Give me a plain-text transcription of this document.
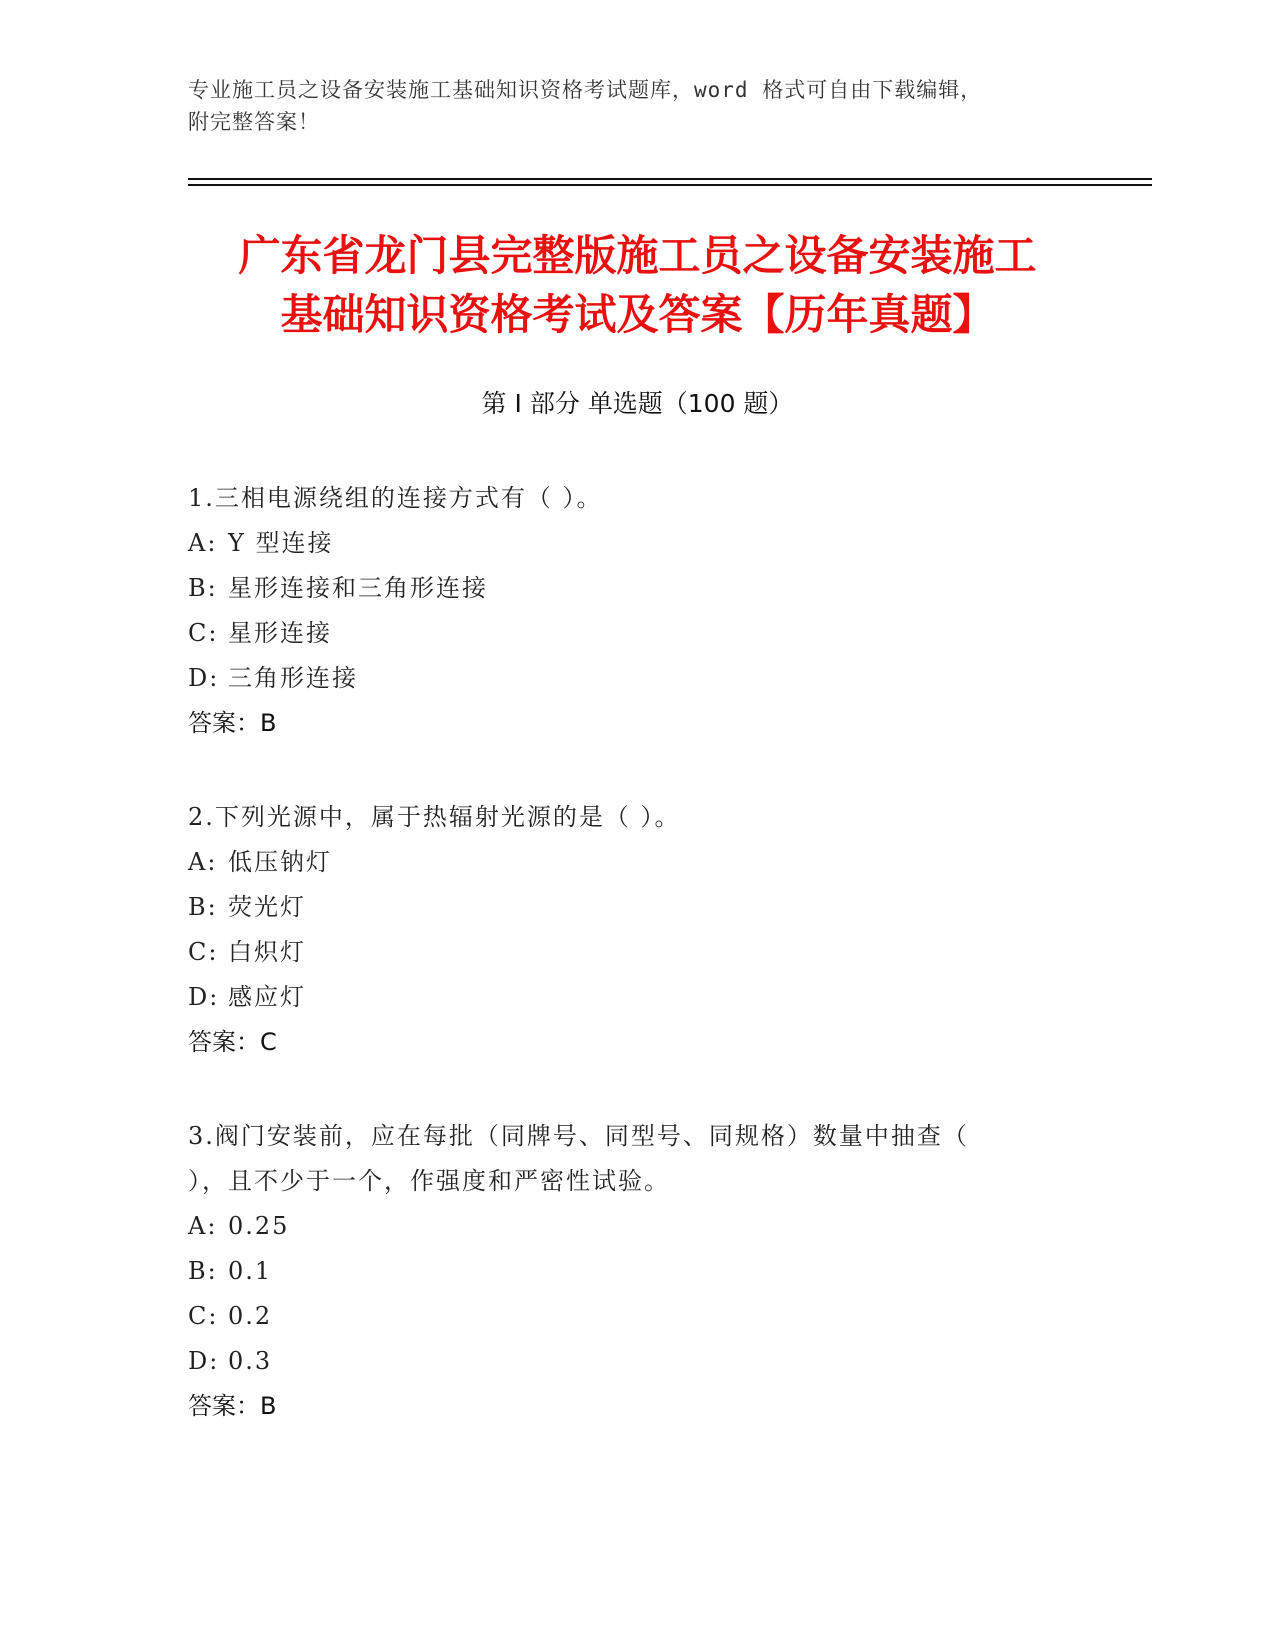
专业施工员之设备安装施工基础知识资格考试题库，word 格式可自由下载编辑，
附完整答案！
广东省龙门县完整版施工员之设备安装施工
基础知识资格考试及答案【历年真题】
第 I 部分 单选题（100 题）
1.三相电源绕组的连接方式有（ ）。
A: Y 型连接
B: 星形连接和三角形连接
C: 星形连接
D: 三角形连接
答案：B
2.下列光源中，属于热辐射光源的是（ ）。
A: 低压钠灯
B: 荧光灯
C: 白炽灯
D: 感应灯
答案：C
3.阀门安装前，应在每批（同牌号、同型号、同规格）数量中抽查（
），且不少于一个，作强度和严密性试验。
A: 0.25
B: 0.1
C: 0.2
D: 0.3
答案：B
